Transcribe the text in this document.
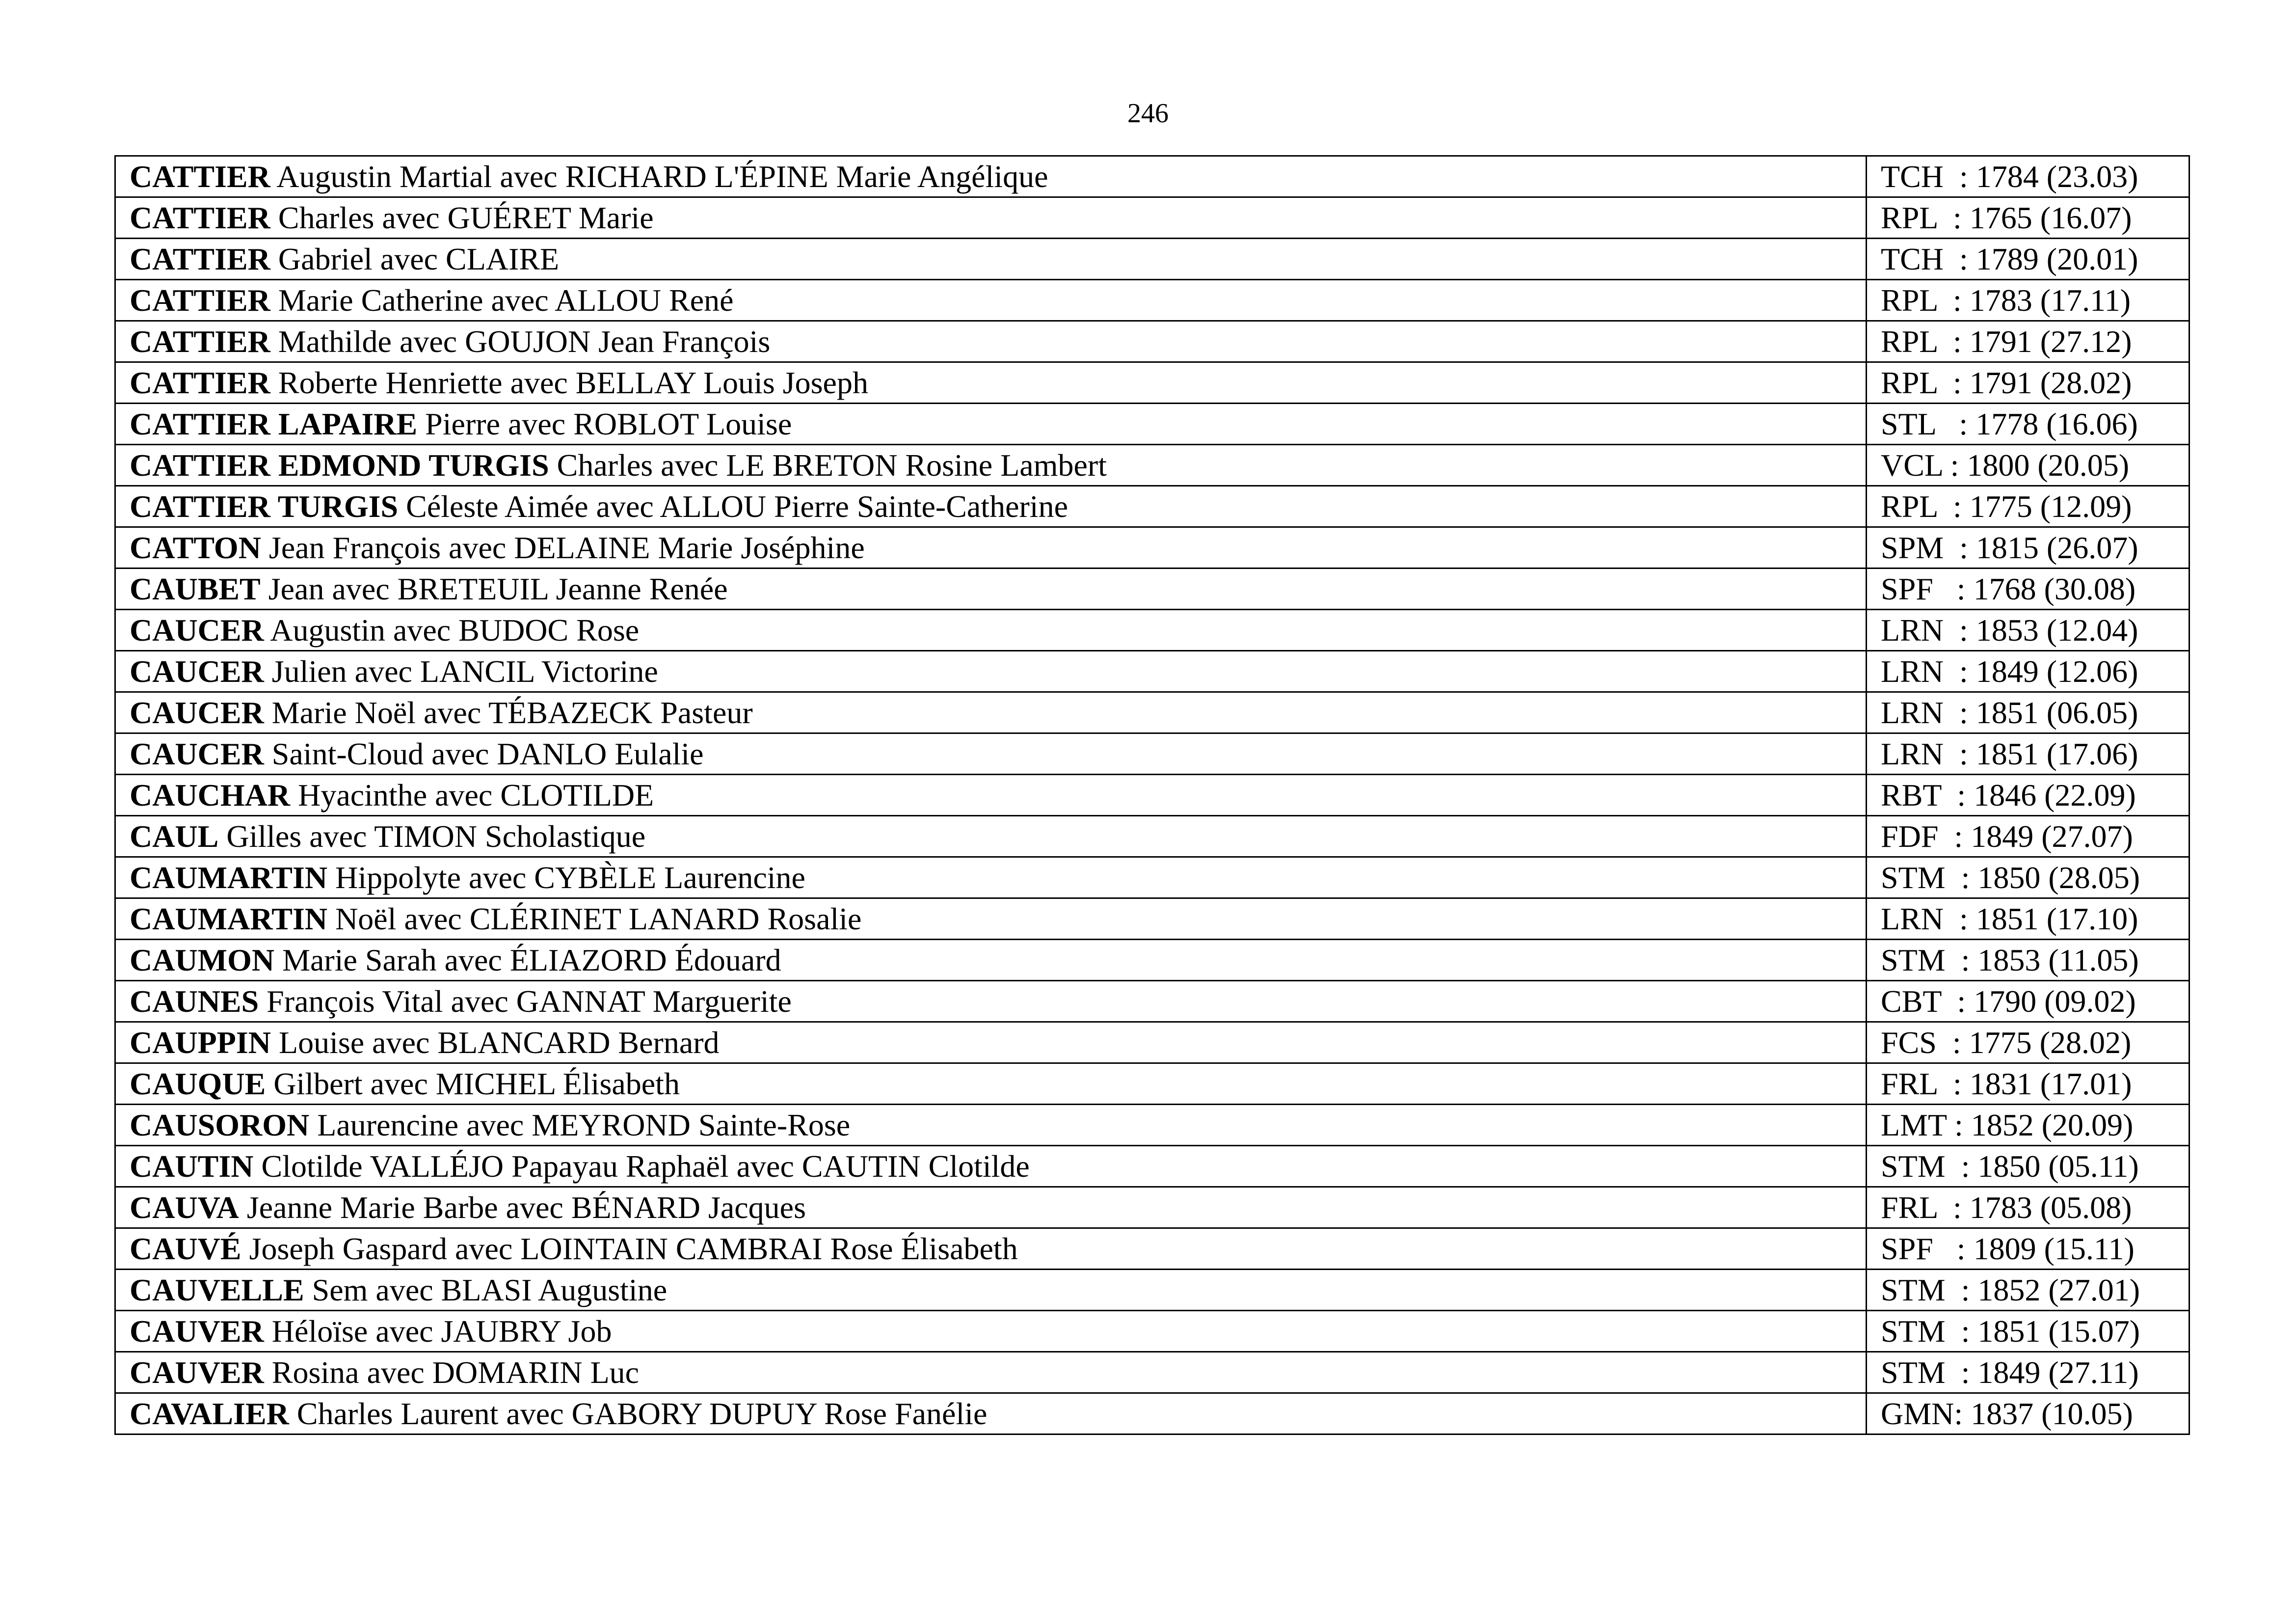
246
CATTIER Augustin Martial avec RICHARD L'ÉPINE Marie Angélique	TCH  : 1784 (23.03)
CATTIER Charles avec GUÉRET Marie	RPL  : 1765 (16.07)
CATTIER Gabriel avec CLAIRE	TCH  : 1789 (20.01)
CATTIER Marie Catherine avec ALLOU René	RPL  : 1783 (17.11)
CATTIER Mathilde avec GOUJON Jean François	RPL  : 1791 (27.12)
CATTIER Roberte Henriette avec BELLAY Louis Joseph	RPL  : 1791 (28.02)
CATTIER LAPAIRE Pierre avec ROBLOT Louise	STL   : 1778 (16.06)
CATTIER EDMOND TURGIS Charles avec LE BRETON Rosine Lambert	VCL : 1800 (20.05)
CATTIER TURGIS Céleste Aimée avec ALLOU Pierre Sainte-Catherine	RPL  : 1775 (12.09)
CATTON Jean François avec DELAINE Marie Joséphine	SPM  : 1815 (26.07)
CAUBET Jean avec BRETEUIL Jeanne Renée	SPF   : 1768 (30.08)
CAUCER Augustin avec BUDOC Rose	LRN  : 1853 (12.04)
CAUCER Julien avec LANCIL Victorine	LRN  : 1849 (12.06)
CAUCER Marie Noël avec TÉBAZECK Pasteur	LRN  : 1851 (06.05)
CAUCER Saint-Cloud avec DANLO Eulalie	LRN  : 1851 (17.06)
CAUCHAR Hyacinthe avec CLOTILDE	RBT  : 1846 (22.09)
CAUL Gilles avec TIMON Scholastique	FDF  : 1849 (27.07)
CAUMARTIN Hippolyte avec CYBÈLE Laurencine	STM  : 1850 (28.05)
CAUMARTIN Noël avec CLÉRINET LANARD Rosalie	LRN  : 1851 (17.10)
CAUMON Marie Sarah avec ÉLIAZORD Édouard	STM  : 1853 (11.05)
CAUNES François Vital avec GANNAT Marguerite	CBT  : 1790 (09.02)
CAUPPIN Louise avec BLANCARD Bernard	FCS  : 1775 (28.02)
CAUQUE Gilbert avec MICHEL Élisabeth	FRL  : 1831 (17.01)
CAUSORON Laurencine avec MEYROND Sainte-Rose	LMT : 1852 (20.09)
CAUTIN Clotilde VALLÉJO Papayau Raphaël avec CAUTIN Clotilde	STM  : 1850 (05.11)
CAUVA Jeanne Marie Barbe avec BÉNARD Jacques	FRL  : 1783 (05.08)
CAUVÉ Joseph Gaspard avec LOINTAIN CAMBRAI Rose Élisabeth	SPF   : 1809 (15.11)
CAUVELLE Sem avec BLASI Augustine	STM  : 1852 (27.01)
CAUVER Héloïse avec JAUBRY Job	STM  : 1851 (15.07)
CAUVER Rosina avec DOMARIN Luc	STM  : 1849 (27.11)
CAVALIER Charles Laurent avec GABORY DUPUY Rose Fanélie	GMN: 1837 (10.05)
